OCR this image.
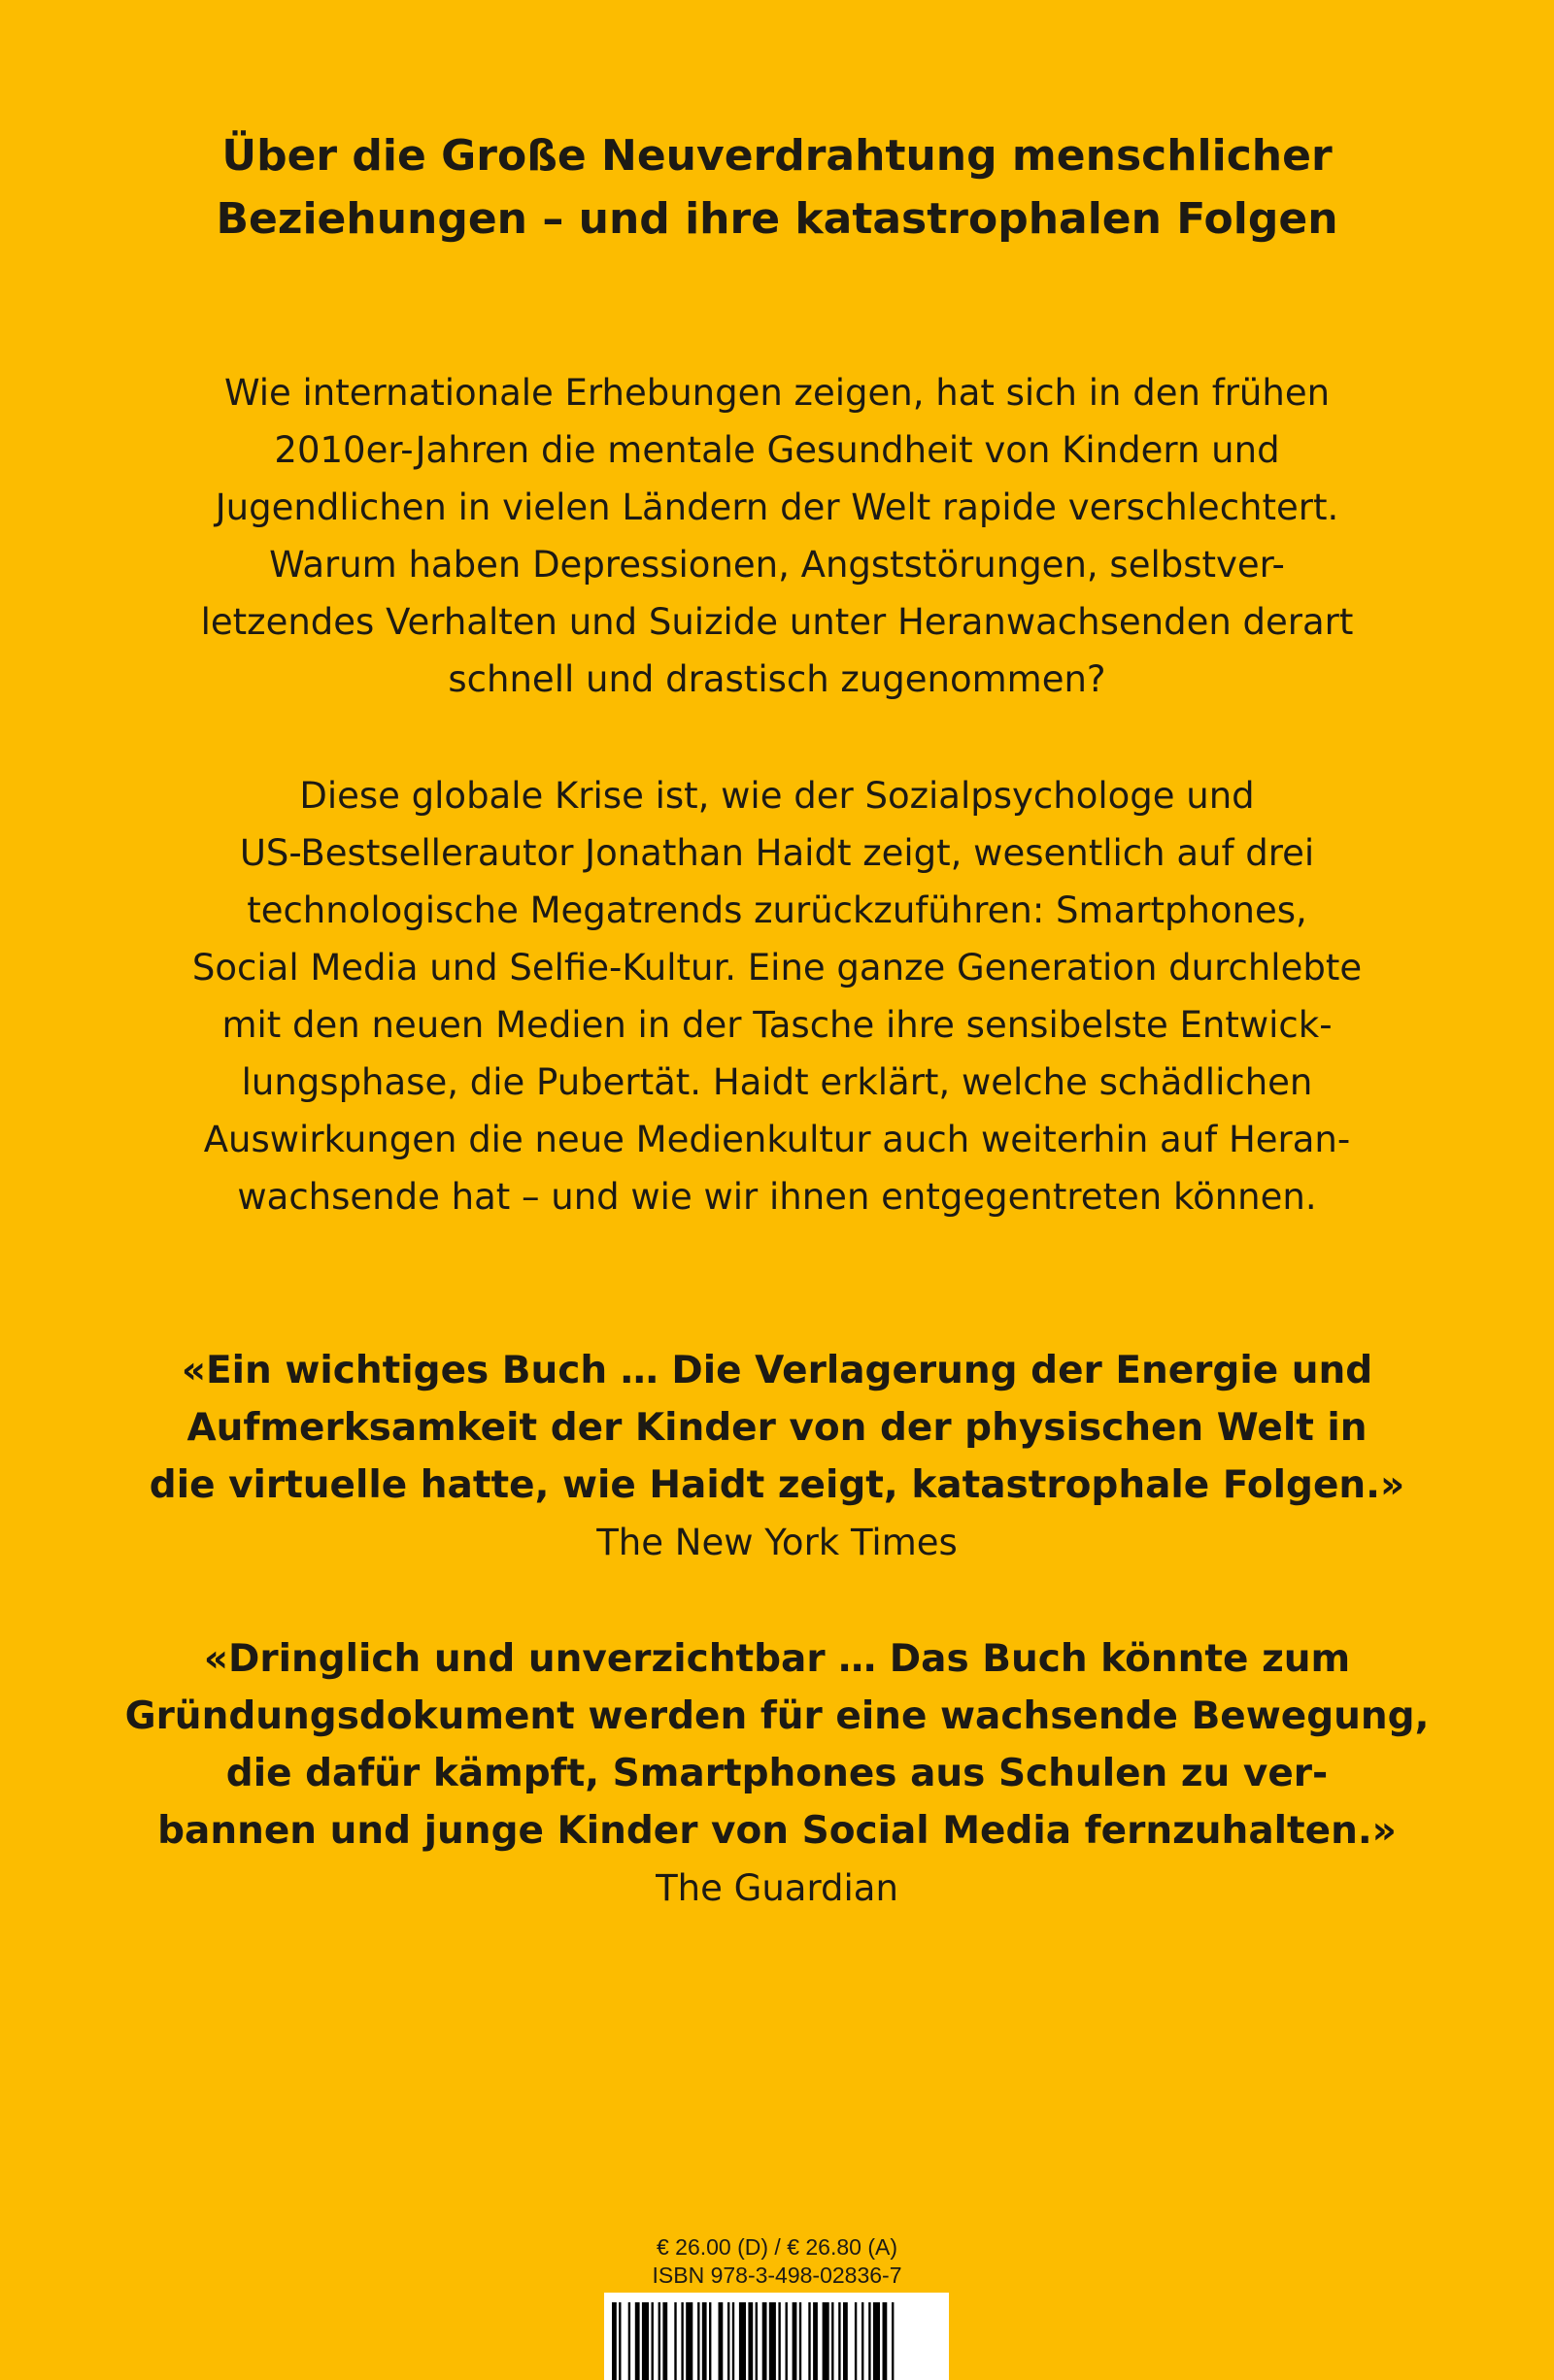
Über die Große Neuverdrahtung menschlicher
Beziehungen – und ihre katastrophalen Folgen
Wie internationale Erhebungen zeigen, hat sich in den frühen
2010er-Jahren die mentale Gesundheit von Kindern und
Jugendlichen in vielen Ländern der Welt rapide verschlechtert.
Warum haben Depressionen, Angststörungen, selbstver-
letzendes Verhalten und Suizide unter Heranwachsenden derart
schnell und drastisch zugenommen?
Diese globale Krise ist, wie der Sozialpsychologe und
US-Bestsellerautor Jonathan Haidt zeigt, wesentlich auf drei
technologische Megatrends zurückzuführen: Smartphones,
Social Media und Selfie-Kultur. Eine ganze Generation durchlebte
mit den neuen Medien in der Tasche ihre sensibelste Entwick-
lungsphase, die Pubertät. Haidt erklärt, welche schädlichen
Auswirkungen die neue Medienkultur auch weiterhin auf Heran-
wachsende hat – und wie wir ihnen entgegentreten können.
«Ein wichtiges Buch … Die Verlagerung der Energie und
Aufmerksamkeit der Kinder von der physischen Welt in
die virtuelle hatte, wie Haidt zeigt, katastrophale Folgen.»
The New York Times
«Dringlich und unverzichtbar … Das Buch könnte zum
Gründungsdokument werden für eine wachsende Bewegung,
die dafür kämpft, Smartphones aus Schulen zu ver-
bannen und junge Kinder von Social Media fernzuhalten.»
The Guardian
€ 26.00 (D) / € 26.80 (A)
ISBN 978-3-498-02836-7
